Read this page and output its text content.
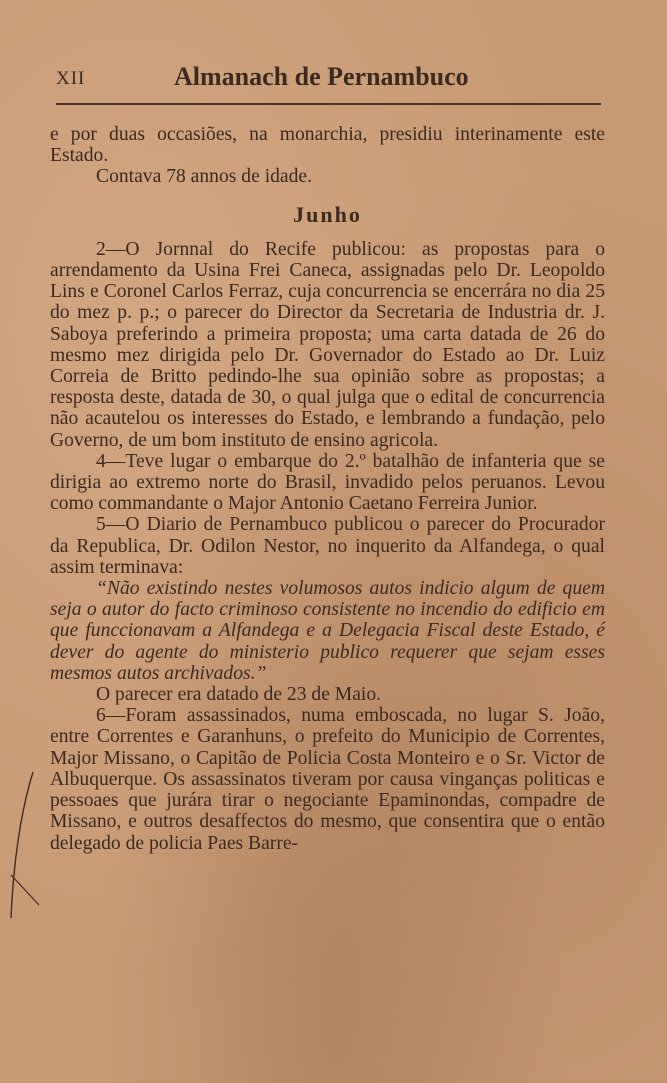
XII	Almanach de Pernambuco

e por duas occasiões, na monarchia, presidiu interinamente este Estado.

Contava 78 annos de idade.

Junho

2—O Jornnal do Recife publicou: as propostas para o arrendamento da Usina Frei Caneca, assignadas pelo Dr. Leopoldo Lins e Coronel Carlos Ferraz, cuja concurrencia se encerrára no dia 25 do mez p. p.; o parecer do Director da Secretaria de Industria dr. J. Saboya preferindo a primeira proposta; uma carta datada de 26 do mesmo mez dirigida pelo Dr. Governador do Estado ao Dr. Luiz Correia de Britto pedindo-lhe sua opinião sobre as propostas; a resposta deste, datada de 30, o qual julga que o edital de concurrencia não acautelou os interesses do Estado, e lembrando a fundação, pelo Governo, de um bom instituto de ensino agricola.

4—Teve lugar o embarque do 2.º batalhão de infanteria que se dirigia ao extremo norte do Brasil, invadido pelos peruanos. Levou como commandante o Major Antonio Caetano Ferreira Junior.

5—O Diario de Pernambuco publicou o parecer do Procurador da Republica, Dr. Odilon Nestor, no inquerito da Alfandega, o qual assim terminava:

“Não existindo nestes volumosos autos indicio algum de quem seja o autor do facto criminoso consistente no incendio do edificio em que funccionavam a Alfandega e a Delegacia Fiscal deste Estado, é dever do agente do ministerio publico requerer que sejam esses mesmos autos archivados.”

O parecer era datado de 23 de Maio.

6—Foram assassinados, numa emboscada, no lugar S. João, entre Correntes e Garanhuns, o prefeito do Municipio de Correntes, Major Missano, o Capitão de Policia Costa Monteiro e o Sr. Victor de Albuquerque. Os assassinatos tiveram por causa vinganças politicas e pessoaes que jurára tirar o negociante Epaminondas, compadre de Missano, e outros desaffectos do mesmo, que consentira que o então delegado de policia Paes Barre-
